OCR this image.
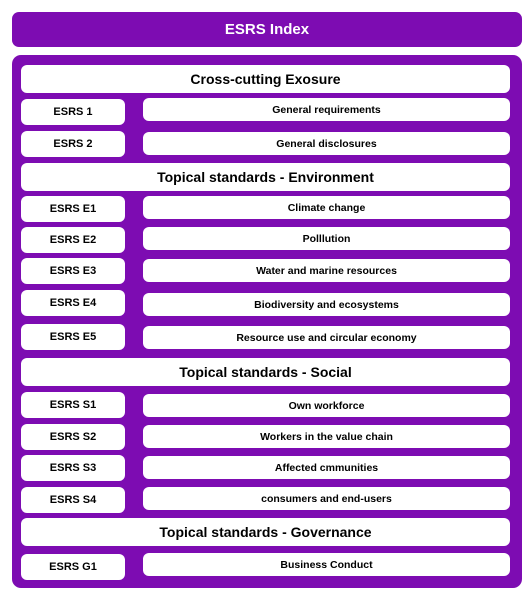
ESRS Index
Cross-cutting Exosure
ESRS 1	General requirements
ESRS 2	General disclosures
Topical standards - Environment
ESRS E1	Climate change
ESRS E2	Polllution
ESRS E3	Water and marine resources
ESRS E4	Biodiversity and ecosystems
ESRS E5	Resource use and circular economy
Topical standards - Social
ESRS S1	Own workforce
ESRS S2	Workers in the value chain
ESRS S3	Affected cmmunities
ESRS S4	consumers and end-users
Topical standards - Governance
ESRS G1	Business Conduct
